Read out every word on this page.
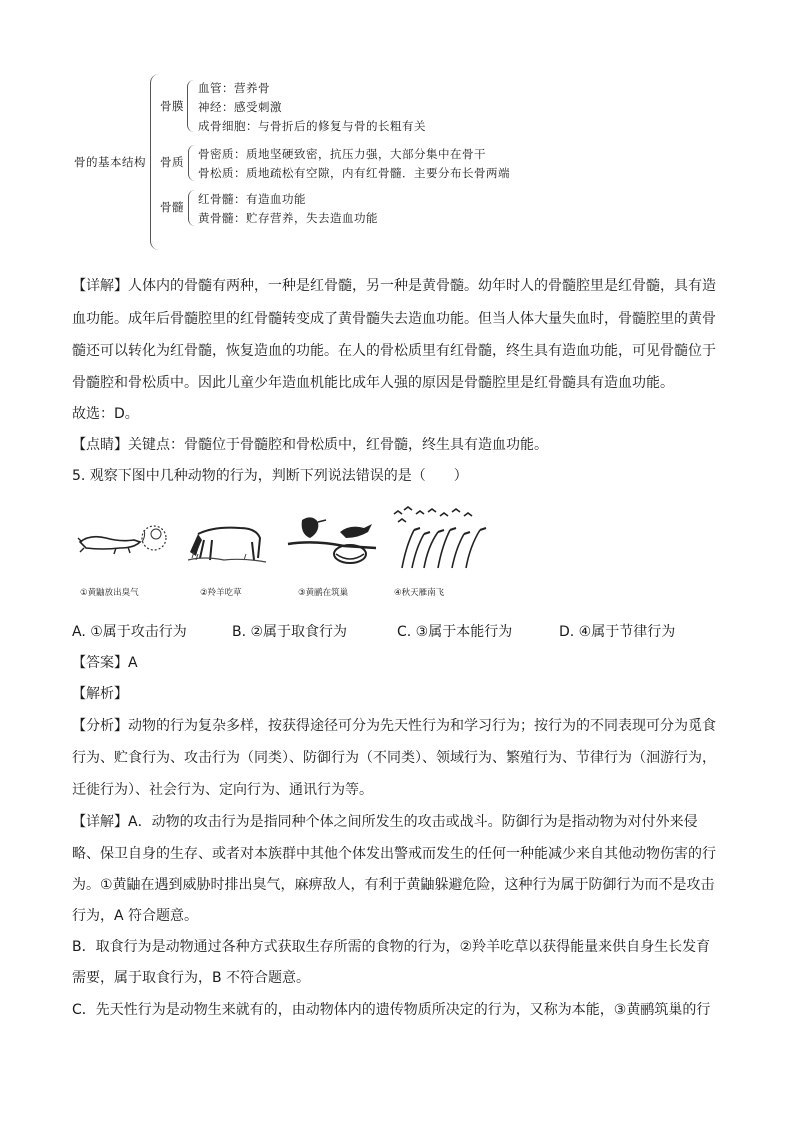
骨的基本结构
骨膜
血管：营养骨
神经：感受刺激
成骨细胞：与骨折后的修复与骨的长粗有关
骨质
骨密质：质地坚硬致密，抗压力强，大部分集中在骨干
骨松质：质地疏松有空隙，内有红骨髓．主要分布长骨两端
骨髓
红骨髓：有造血功能
黄骨髓：贮存营养，失去造血功能
【详解】人体内的骨髓有两种，一种是红骨髓，另一种是黄骨髓。幼年时人的骨髓腔里是红骨髓，具有造
血功能。成年后骨髓腔里的红骨髓转变成了黄骨髓失去造血功能。但当人体大量失血时，骨髓腔里的黄骨
髓还可以转化为红骨髓，恢复造血的功能。在人的骨松质里有红骨髓，终生具有造血功能，可见骨髓位于
骨髓腔和骨松质中。因此儿童少年造血机能比成年人强的原因是骨髓腔里是红骨髓具有造血功能。
故选：D。
【点睛】关键点：骨髓位于骨髓腔和骨松质中，红骨髓，终生具有造血功能。
5. 观察下图中几种动物的行为，判断下列说法错误的是（　　）
①黄鼬放出臭气	②羚羊吃草	③黄鹂在筑巢	④秋天雁南飞
A. ①属于攻击行为	B. ②属于取食行为	C. ③属于本能行为	D. ④属于节律行为
【答案】A
【解析】
【分析】动物的行为复杂多样，按获得途径可分为先天性行为和学习行为；按行为的不同表现可分为觅食
行为、贮食行为、攻击行为（同类）、防御行为（不同类）、领域行为、繁殖行为、节律行为（洄游行为，
迁徙行为）、社会行为、定向行为、通讯行为等。
【详解】A．动物的攻击行为是指同种个体之间所发生的攻击或战斗。防御行为是指动物为对付外来侵
略、保卫自身的生存、或者对本族群中其他个体发出警戒而发生的任何一种能减少来自其他动物伤害的行
为。①黄鼬在遇到威胁时排出臭气，麻痹敌人，有利于黄鼬躲避危险，这种行为属于防御行为而不是攻击
行为，A 符合题意。
B．取食行为是动物通过各种方式获取生存所需的食物的行为，②羚羊吃草以获得能量来供自身生长发育
需要，属于取食行为，B 不符合题意。
C．先天性行为是动物生来就有的，由动物体内的遗传物质所决定的行为，又称为本能，③黄鹂筑巢的行
